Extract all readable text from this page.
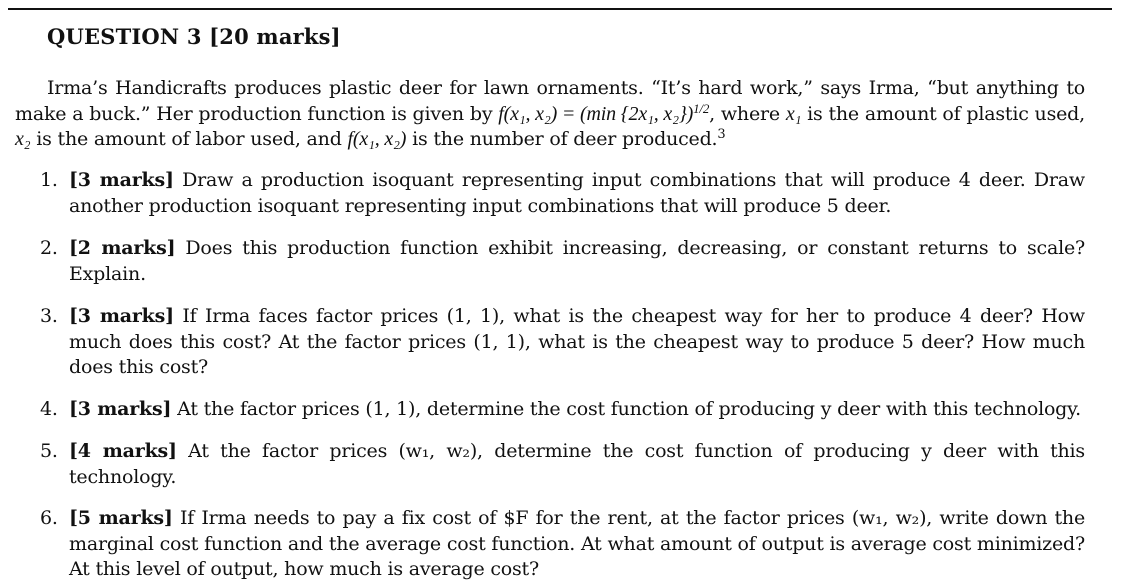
QUESTION 3 [20 marks]

Irma’s Handicrafts produces plastic deer for lawn ornaments. “It’s hard work,” says Irma, “but anything to make a buck.” Her production function is given by f(x₁, x₂) = (min {2x₁, x₂})$^{1/2}$, where x₁ is the amount of plastic used, x₂ is the amount of labor used, and f(x₁, x₂) is the number of deer produced.$^3$

1. [3 marks] Draw a production isoquant representing input combinations that will produce 4 deer. Draw another production isoquant representing input combinations that will produce 5 deer.
2. [2 marks] Does this production function exhibit increasing, decreasing, or constant returns to scale? Explain.
3. [3 marks] If Irma faces factor prices (1, 1), what is the cheapest way for her to produce 4 deer? How much does this cost? At the factor prices (1, 1), what is the cheapest way to produce 5 deer? How much does this cost?
4. [3 marks] At the factor prices (1, 1), determine the cost function of producing y deer with this technology.
5. [4 marks] At the factor prices (w₁, w₂), determine the cost function of producing y deer with this technology.
6. [5 marks] If Irma needs to pay a fix cost of $F for the rent, at the factor prices (w₁, w₂), write down the marginal cost function and the average cost function. At what amount of output is average cost minimized? At this level of output, how much is average cost?
